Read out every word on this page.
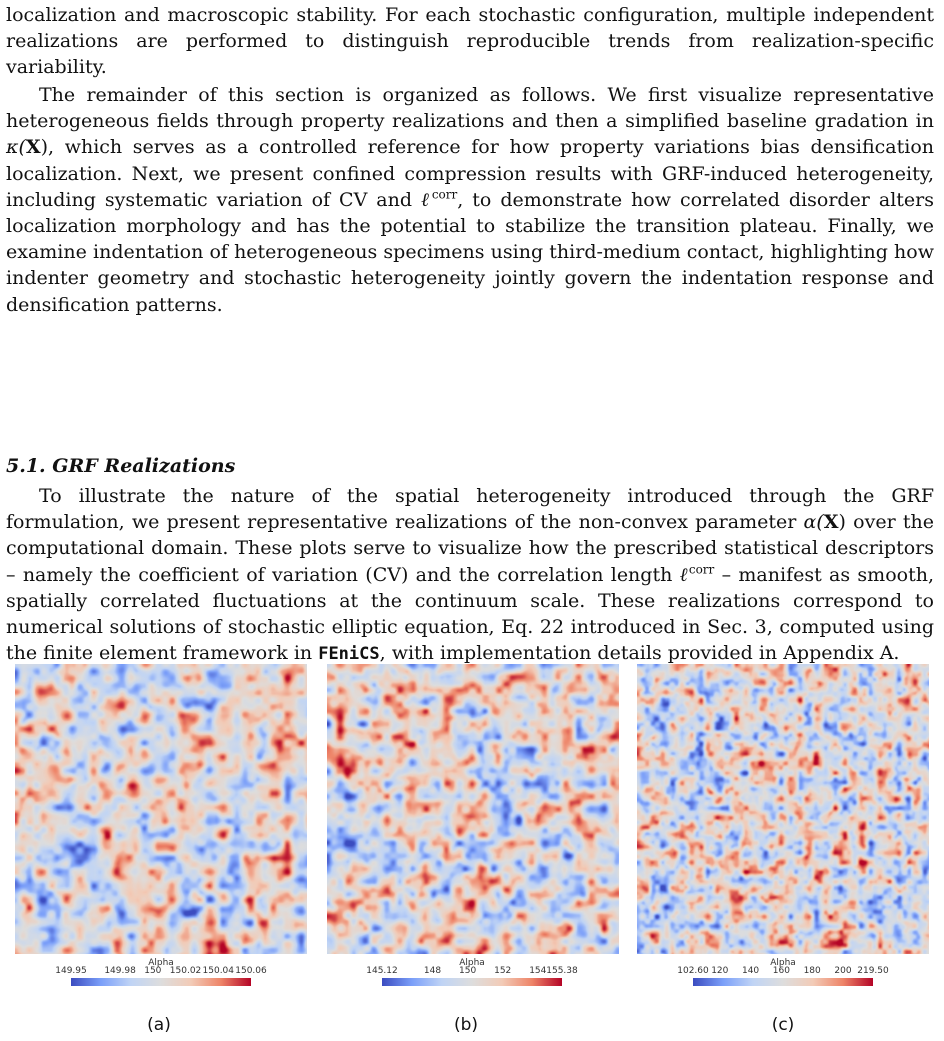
localization and macroscopic stability. For each stochastic configuration, multiple independent realizations are performed to distinguish reproducible trends from realization-specific variability.

The remainder of this section is organized as follows. We first visualize representative heterogeneous fields through property realizations and then a simplified baseline gradation in κ(X), which serves as a controlled reference for how property variations bias densification localization. Next, we present confined compression results with GRF-induced heterogeneity, including systematic variation of CV and ℓ$^{corr}$, to demonstrate how correlated disorder alters localization morphology and has the potential to stabilize the transition plateau. Finally, we examine indentation of heterogeneous specimens using third-medium contact, highlighting how indenter geometry and stochastic heterogeneity jointly govern the indentation response and densification patterns.

5.1. GRF Realizations

To illustrate the nature of the spatial heterogeneity introduced through the GRF formulation, we present representative realizations of the non-convex parameter α(X) over the computational domain. These plots serve to visualize how the prescribed statistical descriptors – namely the coefficient of variation (CV) and the correlation length ℓ$^{corr}$ – manifest as smooth, spatially correlated fluctuations at the continuum scale. These realizations correspond to numerical solutions of stochastic elliptic equation, Eq. 22 introduced in Sec. 3, computed using the finite element framework in FEniCS, with implementation details provided in Appendix A.

Alpha
149.95 149.98 150 150.02 150.04 150.06
(a)
Alpha
145.12	148 150 152 154 155.38
(b)
Alpha
102.60 120 140 160 180 200 219.50
(c)
